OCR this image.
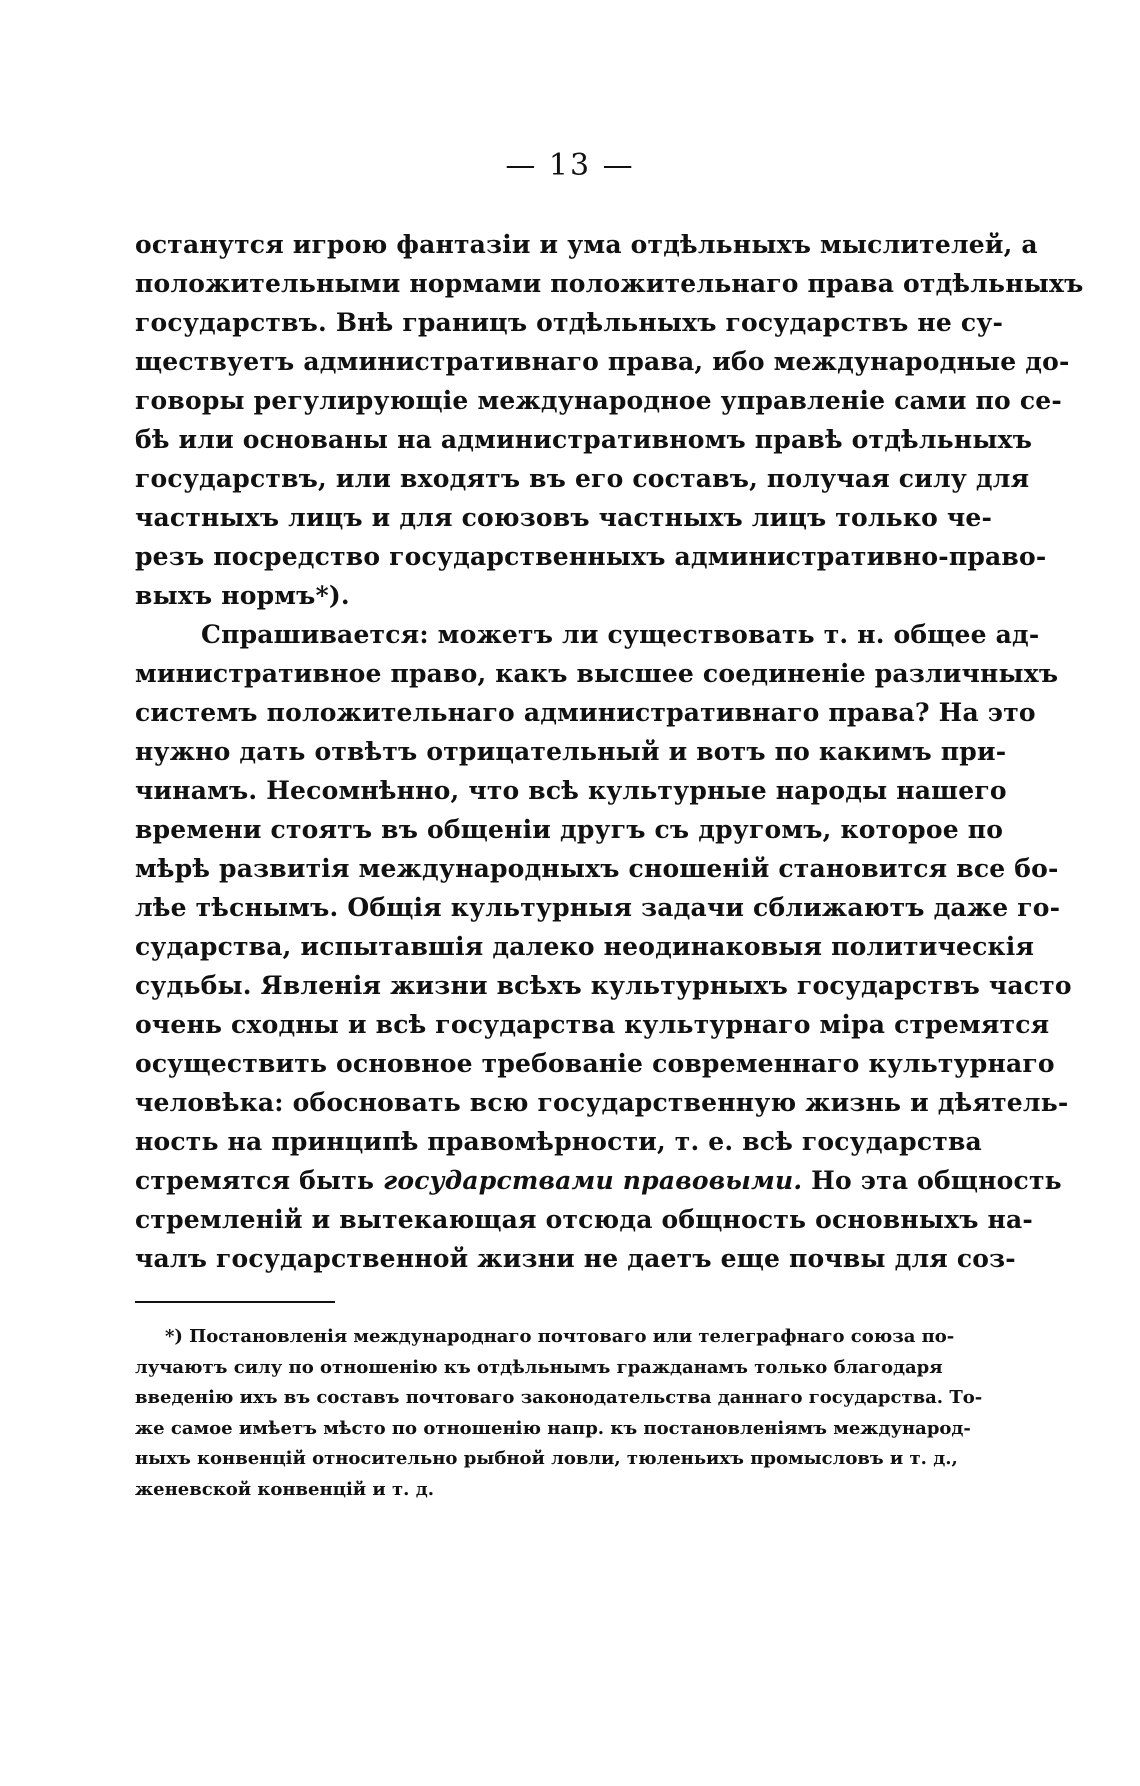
— 13 —
останутся игрою фантазіи и ума отдѣльныхъ мыслителей, а
положительными нормами положительнаго права отдѣльныхъ
государствъ. Внѣ границъ отдѣльныхъ государствъ не су-
ществуетъ административнаго права, ибо международные до-
говоры регулирующіе международное управленіе сами по се-
бѣ или основаны на административномъ правѣ отдѣльныхъ
государствъ, или входятъ въ его составъ, получая силу для
частныхъ лицъ и для союзовъ частныхъ лицъ только че-
резъ посредство государственныхъ административно-право-
выхъ нормъ*).
Спрашивается: можетъ ли существовать т. н. общее ад-
министративное право, какъ высшее соединеніе различныхъ
системъ положительнаго административнаго права? На это
нужно дать отвѣтъ отрицательный и вотъ по какимъ при-
чинамъ. Несомнѣнно, что всѣ культурные народы нашего
времени стоятъ въ общеніи другъ съ другомъ, которое по
мѣрѣ развитія международныхъ сношеній становится все бо-
лѣе тѣснымъ. Общія культурныя задачи сближаютъ даже го-
сударства, испытавшія далеко неодинаковыя политическія
судьбы. Явленія жизни всѣхъ культурныхъ государствъ часто
очень сходны и всѣ государства культурнаго міра стремятся
осуществить основное требованіе современнаго культурнаго
человѣка: обосновать всю государственную жизнь и дѣятель-
ность на принципѣ правомѣрности, т. е. всѣ государства
стремятся быть государствами правовыми. Но эта общность
стремленій и вытекающая отсюда общность основныхъ на-
чалъ государственной жизни не даетъ еще почвы для соз-
*) Постановленія международнаго почтоваго или телеграфнаго союза по-
лучаютъ силу по отношенію къ отдѣльнымъ гражданамъ только благодаря
введенію ихъ въ составъ почтоваго законодательства даннаго государства. То-
же самое имѣетъ мѣсто по отношенію напр. къ постановленіямъ международ-
ныхъ конвенцій относительно рыбной ловли, тюленьихъ промысловъ и т. д.,
женевской конвенцій и т. д.
